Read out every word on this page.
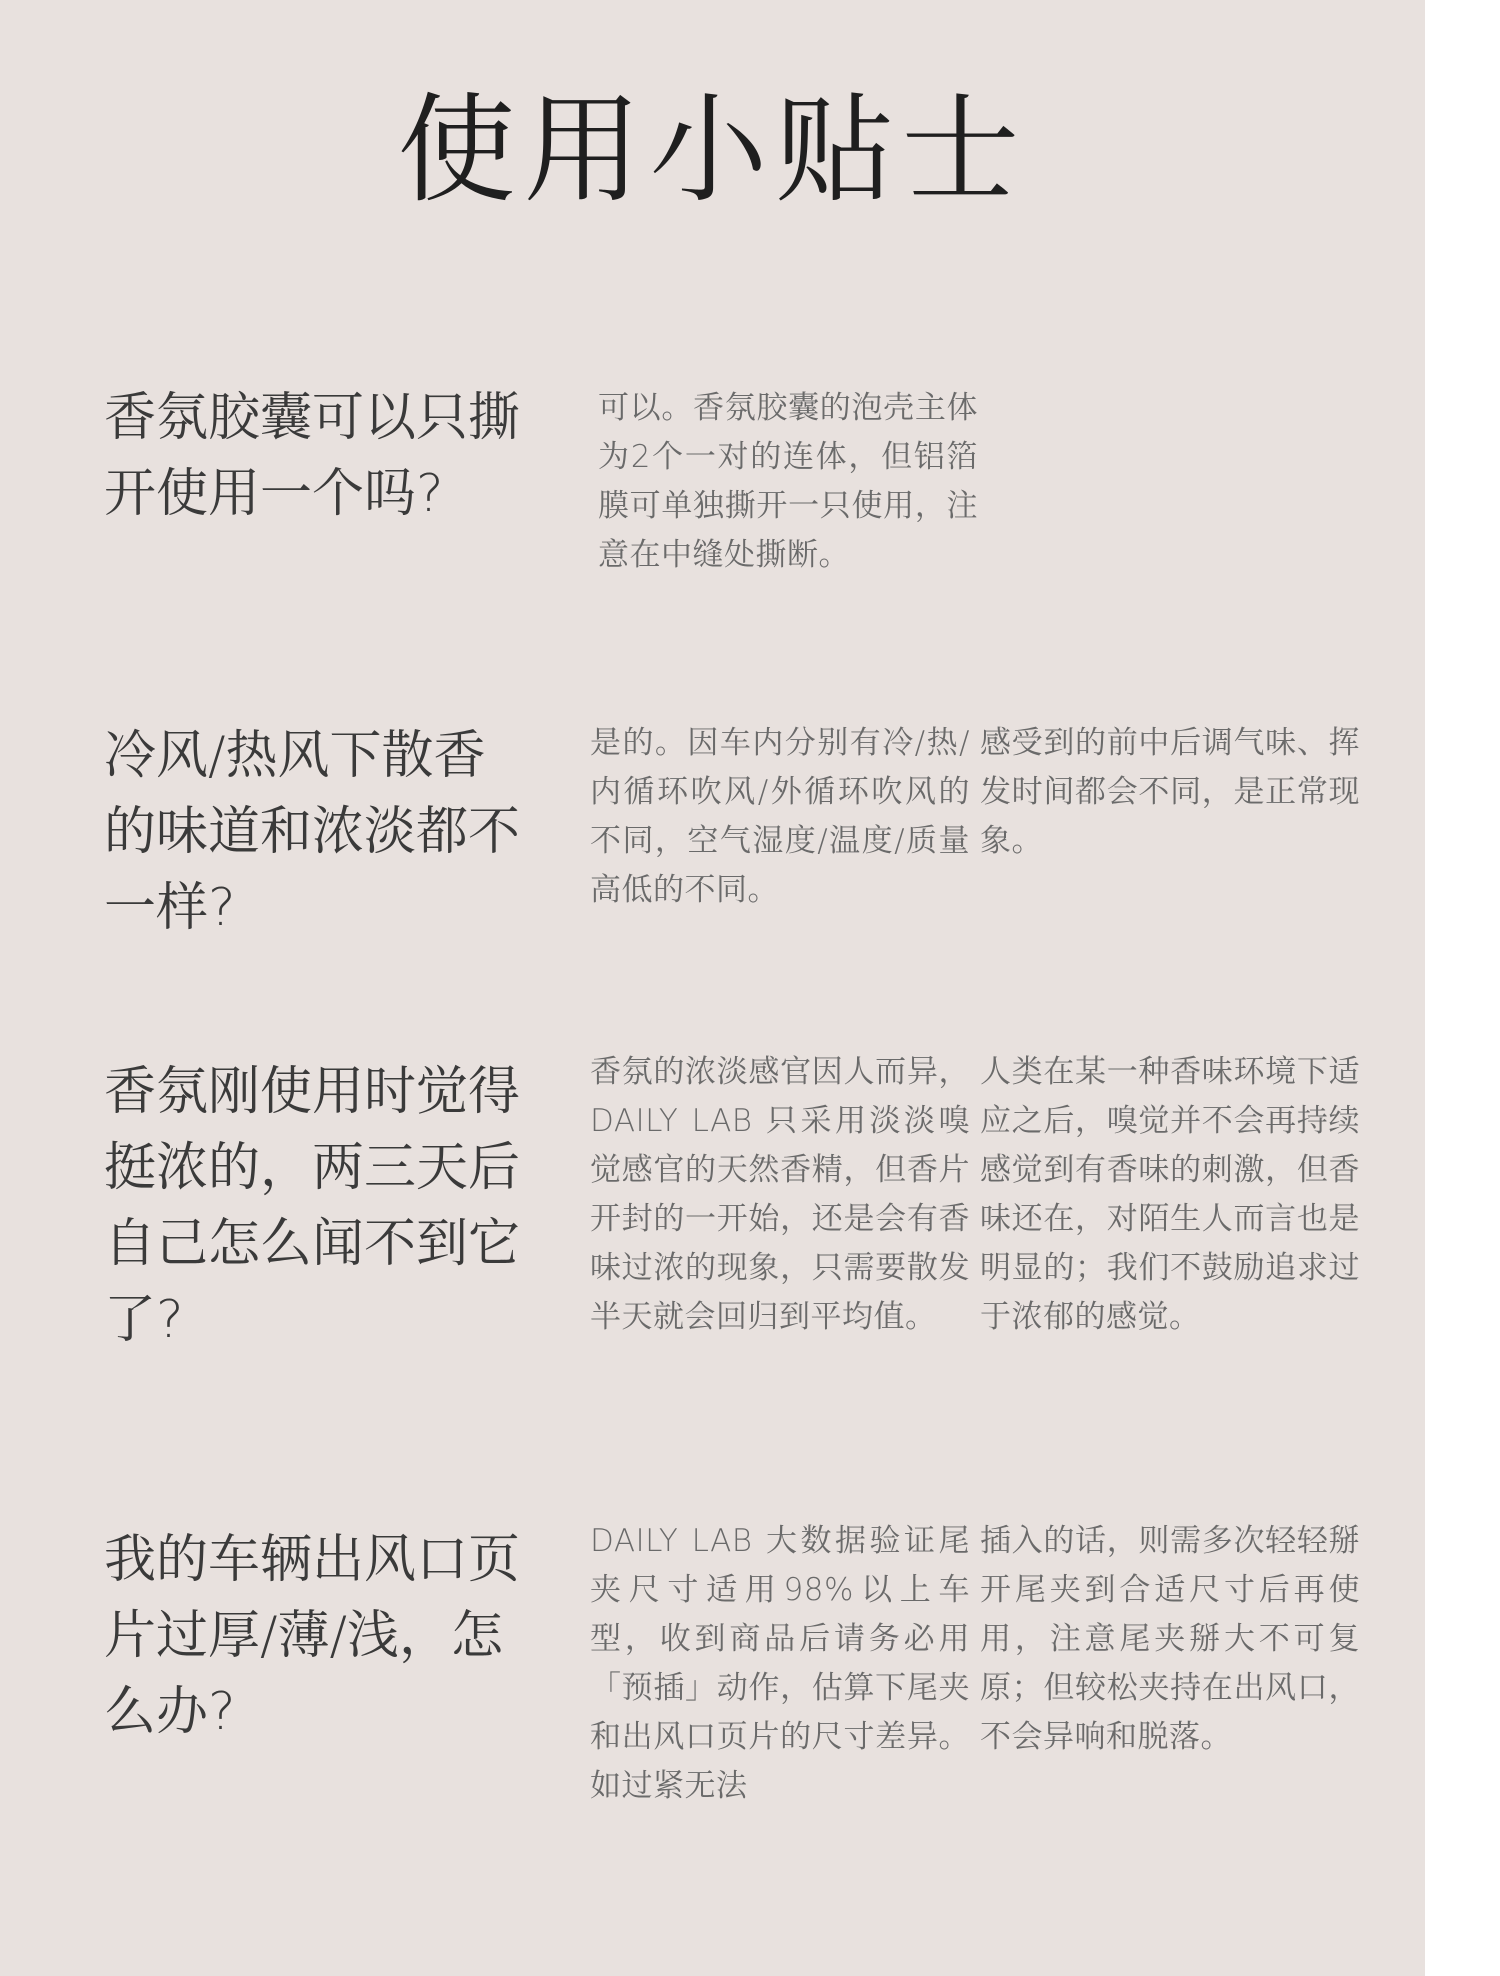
使用小贴士
香氛胶囊可以只撕开使用一个吗?
可以。香氛胶囊的泡壳主体为2个一对的连体，但铝箔膜可单独撕开一只使用，注意在中缝处撕断。
冷风/热风下散香的味道和浓淡都不一样?
是的。因车内分别有冷/热/内循环吹风/外循环吹风的不同，空气湿度/温度/质量高低的不同。
感受到的前中后调气味、挥发时间都会不同，是正常现象。
香氛刚使用时觉得挺浓的，两三天后自己怎么闻不到它了?
香氛的浓淡感官因人而异，DAILY LAB 只采用淡淡嗅觉感官的天然香精，但香片开封的一开始，还是会有香味过浓的现象，只需要散发半天就会回归到平均值。
人类在某一种香味环境下适应之后，嗅觉并不会再持续感觉到有香味的刺激，但香味还在，对陌生人而言也是明显的；我们不鼓励追求过于浓郁的感觉。
我的车辆出风口页片过厚/薄/浅，怎么办?
DAILY LAB 大数据验证尾夹尺寸适用98%以上车型，收到商品后请务必用「预插」动作，估算下尾夹和出风口页片的尺寸差异。如过紧无法
插入的话，则需多次轻轻掰开尾夹到合适尺寸后再使用，注意尾夹掰大不可复原；但较松夹持在出风口，不会异响和脱落。
